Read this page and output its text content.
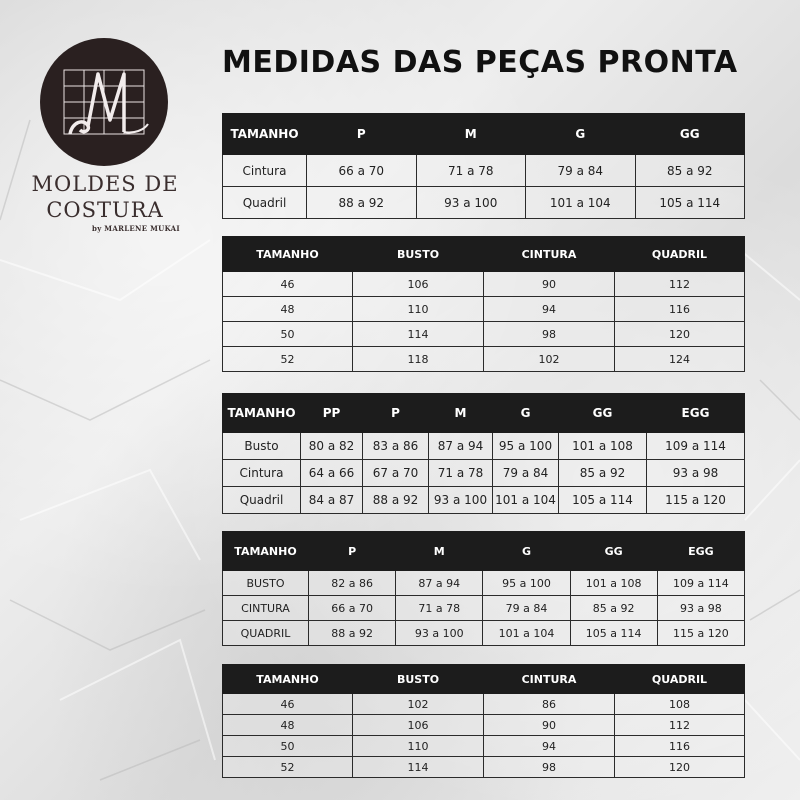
MOLDES DE
COSTURA
by MARLENE MUKAI
MEDIDAS DAS PEÇAS PRONTA
TAMANHO	P	M	G	GG
Cintura	66 a 70	71 a 78	79 a 84	85 a 92
Quadril	88 a 92	93 a 100	101 a 104	105 a 114
TAMANHO	BUSTO	CINTURA	QUADRIL
46	106	90	112
48	110	94	116
50	114	98	120
52	118	102	124
TAMANHO	PP	P	M	G	GG	EGG
Busto	80 a 82	83 a 86	87 a 94	95 a 100	101 a 108	109 a 114
Cintura	64 a 66	67 a 70	71 a 78	79 a 84	85 a 92	93 a 98
Quadril	84 a 87	88 a 92	93 a 100	101 a 104	105 a 114	115 a 120
TAMANHO	P	M	G	GG	EGG
BUSTO	82 a 86	87 a 94	95 a 100	101 a 108	109 a 114
CINTURA	66 a 70	71 a 78	79 a 84	85 a 92	93 a 98
QUADRIL	88 a 92	93 a 100	101 a 104	105 a 114	115 a 120
TAMANHO	BUSTO	CINTURA	QUADRIL
46	102	86	108
48	106	90	112
50	110	94	116
52	114	98	120
